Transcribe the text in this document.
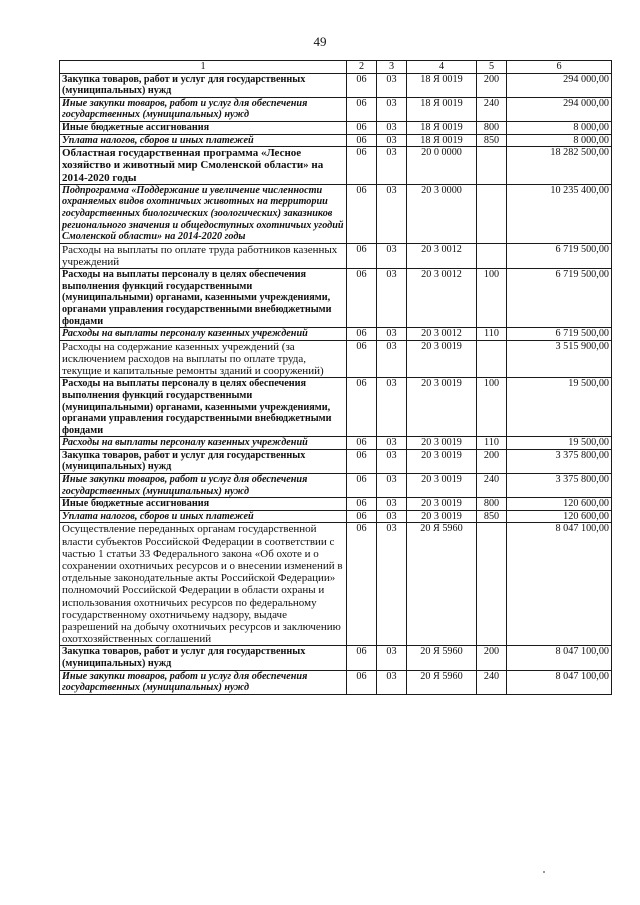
49
1	2	3	4	5	6
Закупка товаров, работ и услуг для государственных (муниципальных) нужд	06	03	18 Я 0019	200	294 000,00
Иные закупки товаров, работ и услуг для обеспечения государственных (муниципальных) нужд	06	03	18 Я 0019	240	294 000,00
Иные бюджетные ассигнования	06	03	18 Я 0019	800	8 000,00
Уплата налогов, сборов и иных платежей	06	03	18 Я 0019	850	8 000,00
Областная государственная программа «Лесное хозяйство и животный мир Смоленской области» на 2014-2020 годы	06	03	20 0 0000		18 282 500,00
Подпрограмма «Поддержание и увеличение численности охраняемых видов охотничьих животных на территории государственных биологических (зоологических) заказников регионального значения и общедоступных охотничьих угодий Смоленской области» на 2014-2020 годы	06	03	20 3 0000		10 235 400,00
Расходы на выплаты по оплате труда работников казенных учреждений	06	03	20 3 0012		6 719 500,00
Расходы на выплаты персоналу в целях обеспечения выполнения функций государственными (муниципальными) органами, казенными учреждениями, органами управления государственными внебюджетными фондами	06	03	20 3 0012	100	6 719 500,00
Расходы на выплаты персоналу казенных учреждений	06	03	20 3 0012	110	6 719 500,00
Расходы на содержание казенных учреждений (за исключением расходов на выплаты по оплате труда, текущие и капитальные ремонты зданий и сооружений)	06	03	20 3 0019		3 515 900,00
Расходы на выплаты персоналу в целях обеспечения выполнения функций государственными (муниципальными) органами, казенными учреждениями, органами управления государственными внебюджетными фондами	06	03	20 3 0019	100	19 500,00
Расходы на выплаты персоналу казенных учреждений	06	03	20 3 0019	110	19 500,00
Закупка товаров, работ и услуг для государственных (муниципальных) нужд	06	03	20 3 0019	200	3 375 800,00
Иные закупки товаров, работ и услуг для обеспечения государственных (муниципальных) нужд	06	03	20 3 0019	240	3 375 800,00
Иные бюджетные ассигнования	06	03	20 3 0019	800	120 600,00
Уплата налогов, сборов и иных платежей	06	03	20 3 0019	850	120 600,00
Осуществление переданных органам государственной власти субъектов Российской Федерации в соответствии с частью 1 статьи 33 Федерального закона «Об охоте и о сохранении охотничьих ресурсов и о внесении изменений в отдельные законодательные акты Российской Федерации» полномочий Российской Федерации в области охраны и использования охотничьих ресурсов по федеральному государственному охотничьему надзору, выдаче разрешений на добычу охотничьих ресурсов и заключению охотхозяйственных соглашений	06	03	20 Я 5960		8 047 100,00
Закупка товаров, работ и услуг для государственных (муниципальных) нужд	06	03	20 Я 5960	200	8 047 100,00
Иные закупки товаров, работ и услуг для обеспечения государственных (муниципальных) нужд	06	03	20 Я 5960	240	8 047 100,00
